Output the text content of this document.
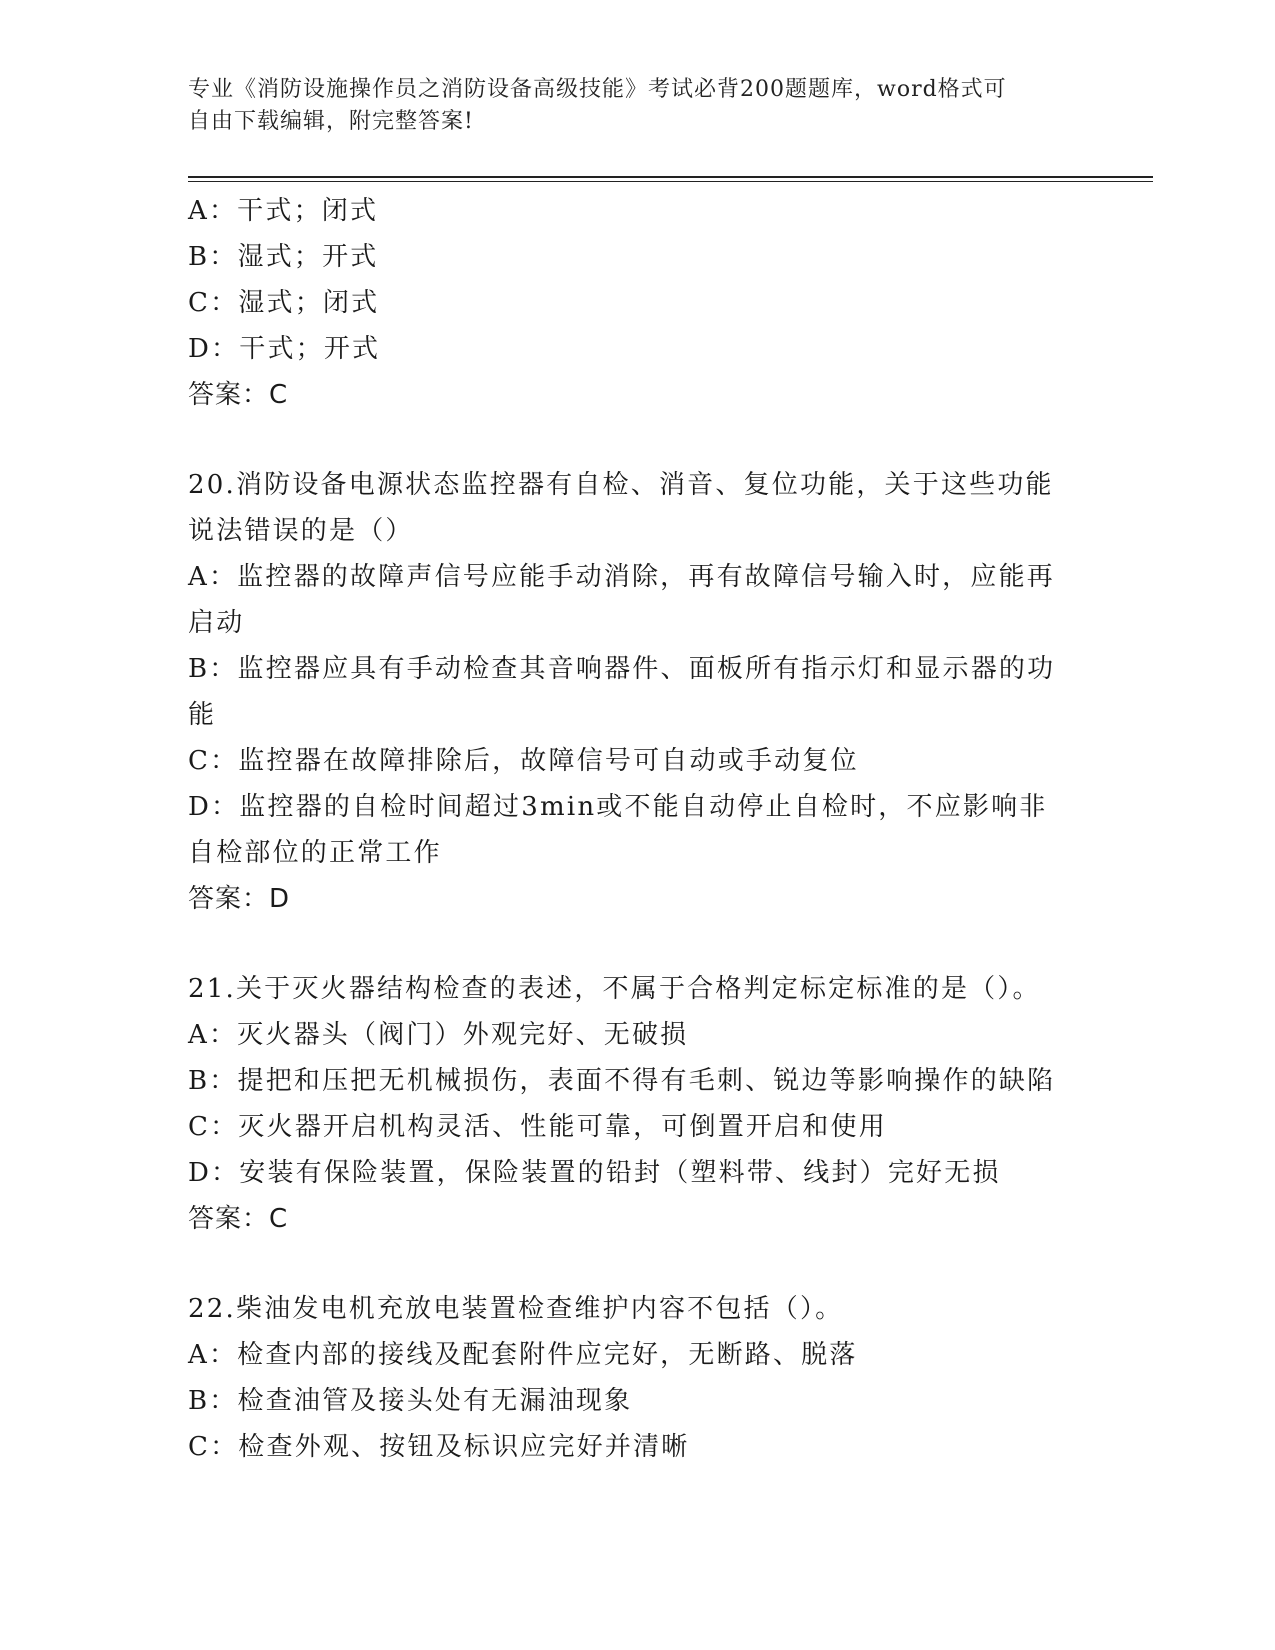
专业《消防设施操作员之消防设备高级技能》考试必背200题题库，word格式可
自由下载编辑，附完整答案!
A：干式；闭式
B：湿式；开式
C：湿式；闭式
D：干式；开式
答案：C
20.消防设备电源状态监控器有自检、消音、复位功能，关于这些功能
说法错误的是（）
A：监控器的故障声信号应能手动消除，再有故障信号输入时，应能再
启动
B：监控器应具有手动检查其音响器件、面板所有指示灯和显示器的功
能
C：监控器在故障排除后，故障信号可自动或手动复位
D：监控器的自检时间超过3min或不能自动停止自检时，不应影响非
自检部位的正常工作
答案：D
21.关于灭火器结构检查的表述，不属于合格判定标定标准的是（）。
A：灭火器头（阀门）外观完好、无破损
B：提把和压把无机械损伤，表面不得有毛刺、锐边等影响操作的缺陷
C：灭火器开启机构灵活、性能可靠，可倒置开启和使用
D：安装有保险装置，保险装置的铅封（塑料带、线封）完好无损
答案：C
22.柴油发电机充放电装置检查维护内容不包括（）。
A：检查内部的接线及配套附件应完好，无断路、脱落
B：检查油管及接头处有无漏油现象
C：检查外观、按钮及标识应完好并清晰
